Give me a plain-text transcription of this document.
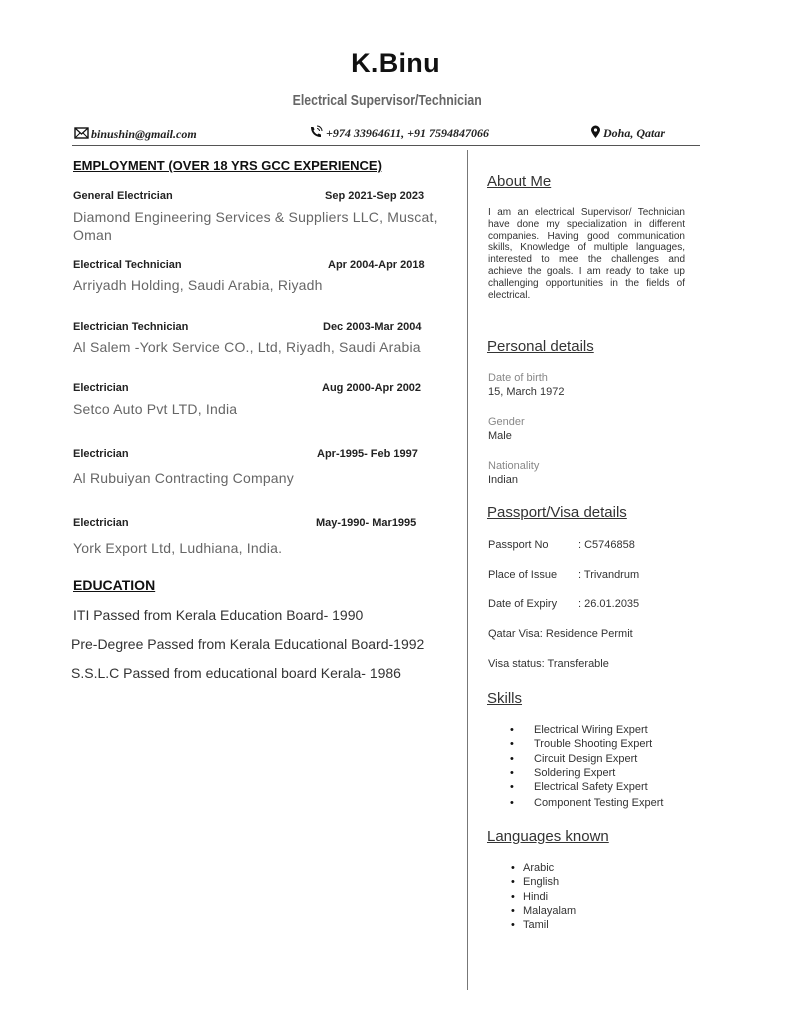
K.Binu
Electrical Supervisor/Technician
binushin@gmail.com	+974 33964611, +91 7594847066	Doha, Qatar
EMPLOYMENT (OVER 18 YRS GCC EXPERIENCE)
General Electrician	Sep 2021-Sep 2023
Diamond Engineering Services & Suppliers LLC, Muscat, Oman
Electrical Technician	Apr 2004-Apr 2018
Arriyadh Holding, Saudi Arabia, Riyadh
Electrician Technician	Dec 2003-Mar 2004
Al Salem -York Service CO., Ltd, Riyadh, Saudi Arabia
Electrician	Aug 2000-Apr 2002
Setco Auto Pvt LTD, India
Electrician	Apr-1995- Feb 1997
Al Rubuiyan Contracting Company
Electrician	May-1990- Mar1995
York Export Ltd, Ludhiana, India.
EDUCATION
ITI Passed from Kerala Education Board- 1990
Pre-Degree Passed from Kerala Educational Board-1992
S.S.L.C Passed from educational board Kerala- 1986
About Me
I am an electrical Supervisor/ Technician have done my specialization in different companies. Having good communication skills, Knowledge of multiple languages, interested to mee the challenges and achieve the goals. I am ready to take up challenging opportunities in the fields of electrical.
Personal details
Date of birth
15, March 1972
Gender
Male
Nationality
Indian
Passport/Visa details
Passport No	: C5746858
Place of Issue : Trivandrum
Date of Expiry : 26.01.2035
Qatar Visa: Residence Permit
Visa status: Transferable
Skills
• Electrical Wiring Expert
• Trouble Shooting Expert
• Circuit Design Expert
• Soldering Expert
• Electrical Safety Expert
• Component Testing Expert
Languages known
• Arabic
• English
• Hindi
• Malayalam
• Tamil
